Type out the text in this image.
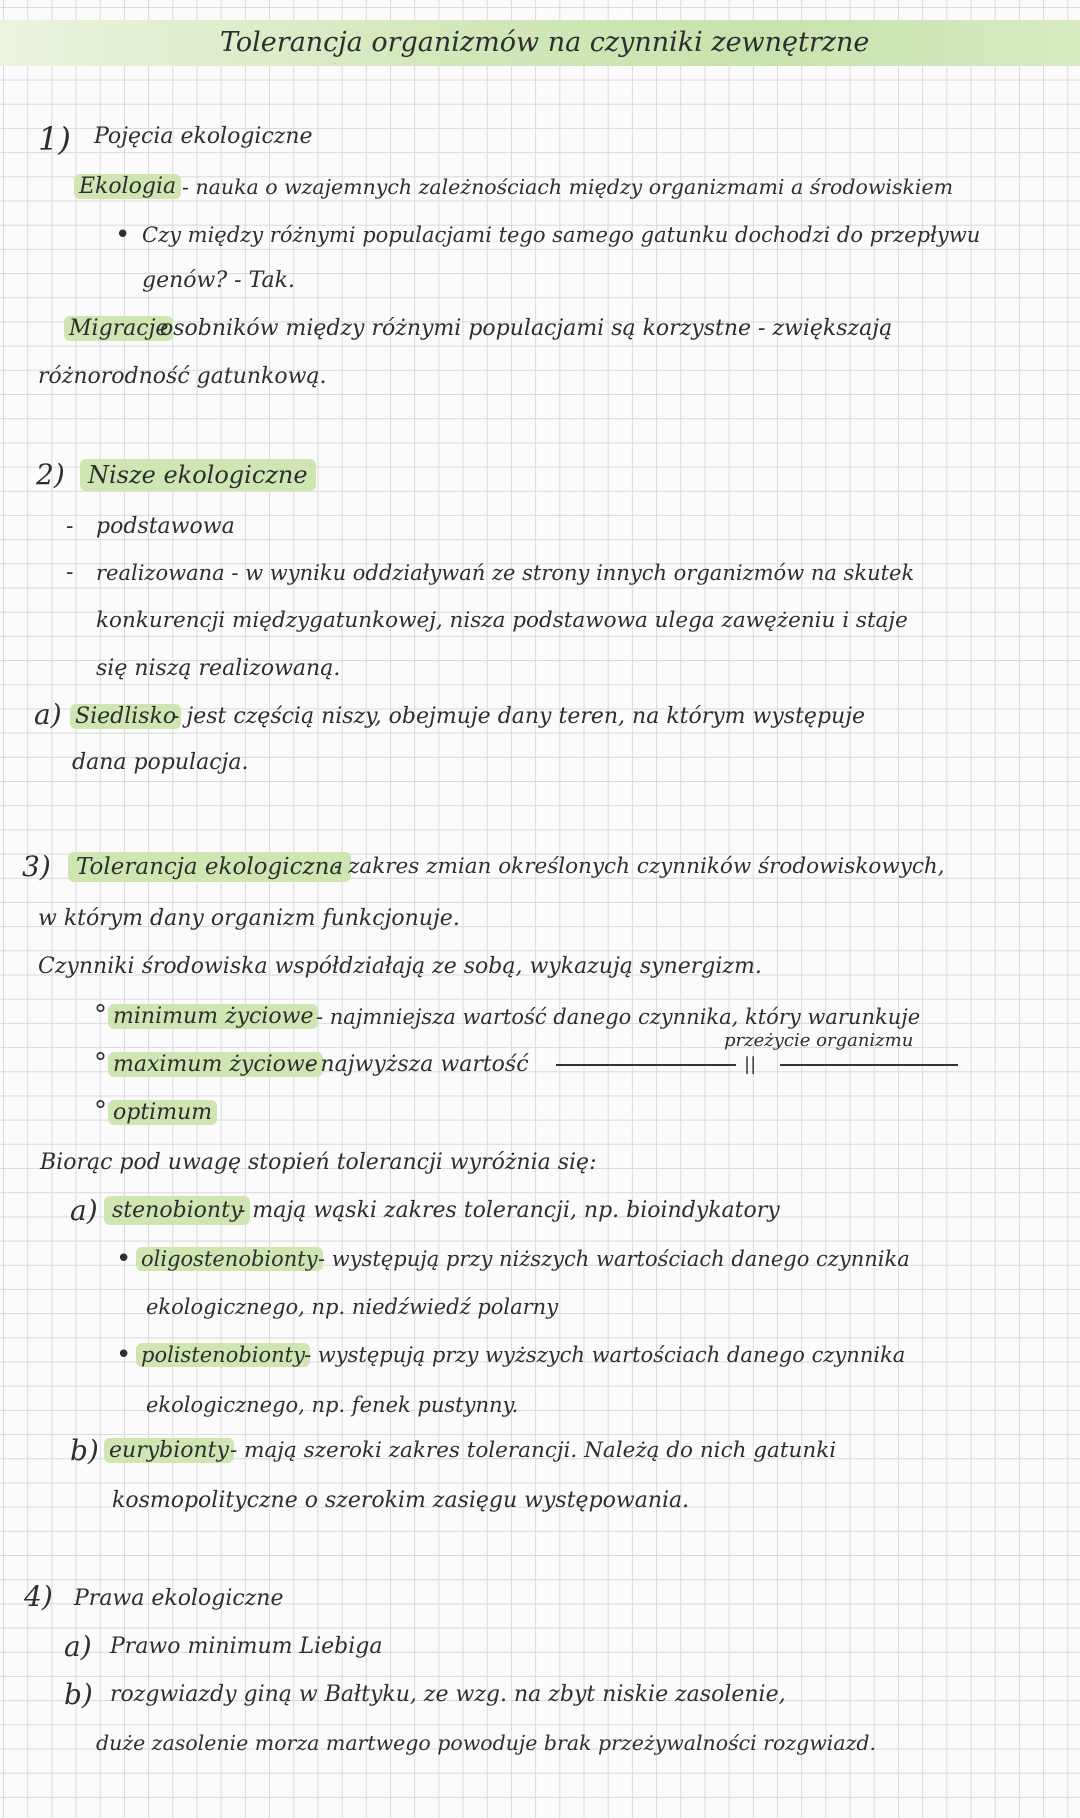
Tolerancja organizmów na czynniki zewnętrzne
1) Pojęcia ekologiczne
Ekologia - nauka o wzajemnych zależnościach między organizmami a środowiskiem
• Czy między różnymi populacjami tego samego gatunku dochodzi do przepływu
genów? - Tak.
Migracje
osobników między różnymi populacjami są korzystne - zwiększają
różnorodność gatunkową.
2) Nisze ekologiczne
- podstawowa
- realizowana - w wyniku oddziaływań ze strony innych organizmów na skutek
konkurencji międzygatunkowej, nisza podstawowa ulega zawężeniu i staje
się niszą realizowaną.
a) Siedlisko
- jest częścią niszy, obejmuje dany teren, na którym występuje
dana populacja.
3)	Tolerancja ekologiczna
- zakres zmian określonych czynników środowiskowych,
w którym dany organizm funkcjonuje.
Czynniki środowiska współdziałają ze sobą, wykazują synergizm.
° minimum życiowe - najmniejsza wartość danego czynnika, który warunkuje
przeżycie organizmu
° maximum życiowe
- najwyższa wartość	||
° optimum
Biorąc pod uwagę stopień tolerancji wyróżnia się:
a) stenobionty
- mają wąski zakres tolerancji, np. bioindykatory
• oligostenobionty - występują przy niższych wartościach danego czynnika
ekologicznego, np. niedźwiedź polarny
• polistenobionty - występują przy wyższych wartościach danego czynnika
ekologicznego, np. fenek pustynny.
b) eurybionty - mają szeroki zakres tolerancji. Należą do nich gatunki
kosmopolityczne o szerokim zasięgu występowania.
4) Prawa ekologiczne
a) Prawo minimum Liebiga
b) rozgwiazdy giną w Bałtyku, ze wzg. na zbyt niskie zasolenie,
duże zasolenie morza martwego powoduje brak przeżywalności rozgwiazd.
